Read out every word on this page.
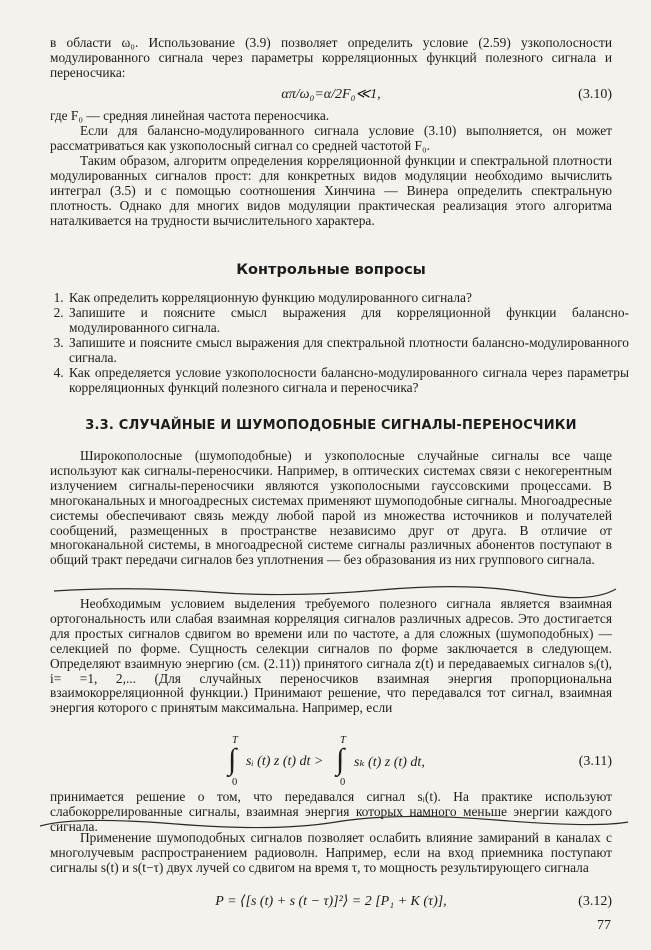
в области ω₀. Использование (3.9) позволяет определить условие (2.59) узкополосности модулированного сигнала через параметры корреляционных функций полезного сигнала и переносчика:

απ/ω₀=α/2F₀≪1,	(3.10)

где F₀ — средняя линейная частота переносчика.

Если для балансно-модулированного сигнала условие (3.10) выполняется, он может рассматриваться как узкополосный сигнал со средней частотой F₀.

Таким образом, алгоритм определения корреляционной функции и спектральной плотности модулированных сигналов прост: для конкретных видов модуляции необходимо вычислить интеграл (3.5) и с помощью соотношения Хинчина — Винера определить спектральную плотность. Однако для многих видов модуляции практическая реализация этого алгоритма наталкивается на трудности вычислительного характера.

Контрольные вопросы
1. Как определить корреляционную функцию модулированного сигнала?
2. Запишите и поясните смысл выражения для корреляционной функции балансно-модулированного сигнала.
3. Запишите и поясните смысл выражения для спектральной плотности балансно-модулированного сигнала.
4. Как определяется условие узкополосности балансно-модулированного сигнала через параметры корреляционных функций полезного сигнала и переносчика?
3.3. СЛУЧАЙНЫЕ И ШУМОПОДОБНЫЕ СИГНАЛЫ-ПЕРЕНОСЧИКИ

Широкополосные (шумоподобные) и узкополосные случайные сигналы все чаще используют как сигналы-переносчики. Например, в оптических системах связи с некогерентным излучением сигналы-переносчики являются узкополосными гауссовскими процессами. В многоканальных и многоадресных системах применяют шумоподобные сигналы. Многоадресные системы обеспечивают связь между любой парой из множества источников и получателей сообщений, размещенных в пространстве независимо друг от друга. В отличие от многоканальной системы, в многоадресной системе сигналы различных абонентов поступают в общий тракт передачи сигналов без уплотнения — без образования из них группового сигнала.

Необходимым условием выделения требуемого полезного сигнала является взаимная ортогональность или слабая взаимная корреляция сигналов различных адресов. Это достигается для простых сигналов сдвигом во времени или по частоте, а для сложных (шумоподобных) — селекцией по форме. Сущность селекции сигналов по форме заключается в следующем. Определяют взаимную энергию (см. (2.11)) принятого сигнала z(t) и передаваемых сигналов sᵢ(t), i= =1, 2,... (Для случайных переносчиков взаимная энергия пропорциональна взаимокорреляционной функции.) Принимают решение, что передавался тот сигнал, взаимная энергия которого с принятым максимальна. Например, если

T
∫
0
sᵢ (t) z (t) dt >
T
∫
0
sₖ (t) z (t) dt,	(3.11)

принимается решение о том, что передавался сигнал sᵢ(t). На практике используют слабокоррелированные сигналы, взаимная энергия которых намного меньше энергии каждого сигнала.

Применение шумоподобных сигналов позволяет ослабить влияние замираний в каналах с многолучевым распространением радиоволн. Например, если на вход приемника поступают сигналы s(t) и s(t−τ) двух лучей со сдвигом на время τ, то мощность результирующего сигнала

P = ⟨[s (t) + s (t − τ)]²⟩ = 2 [P₁ + K (τ)],	(3.12)
77
